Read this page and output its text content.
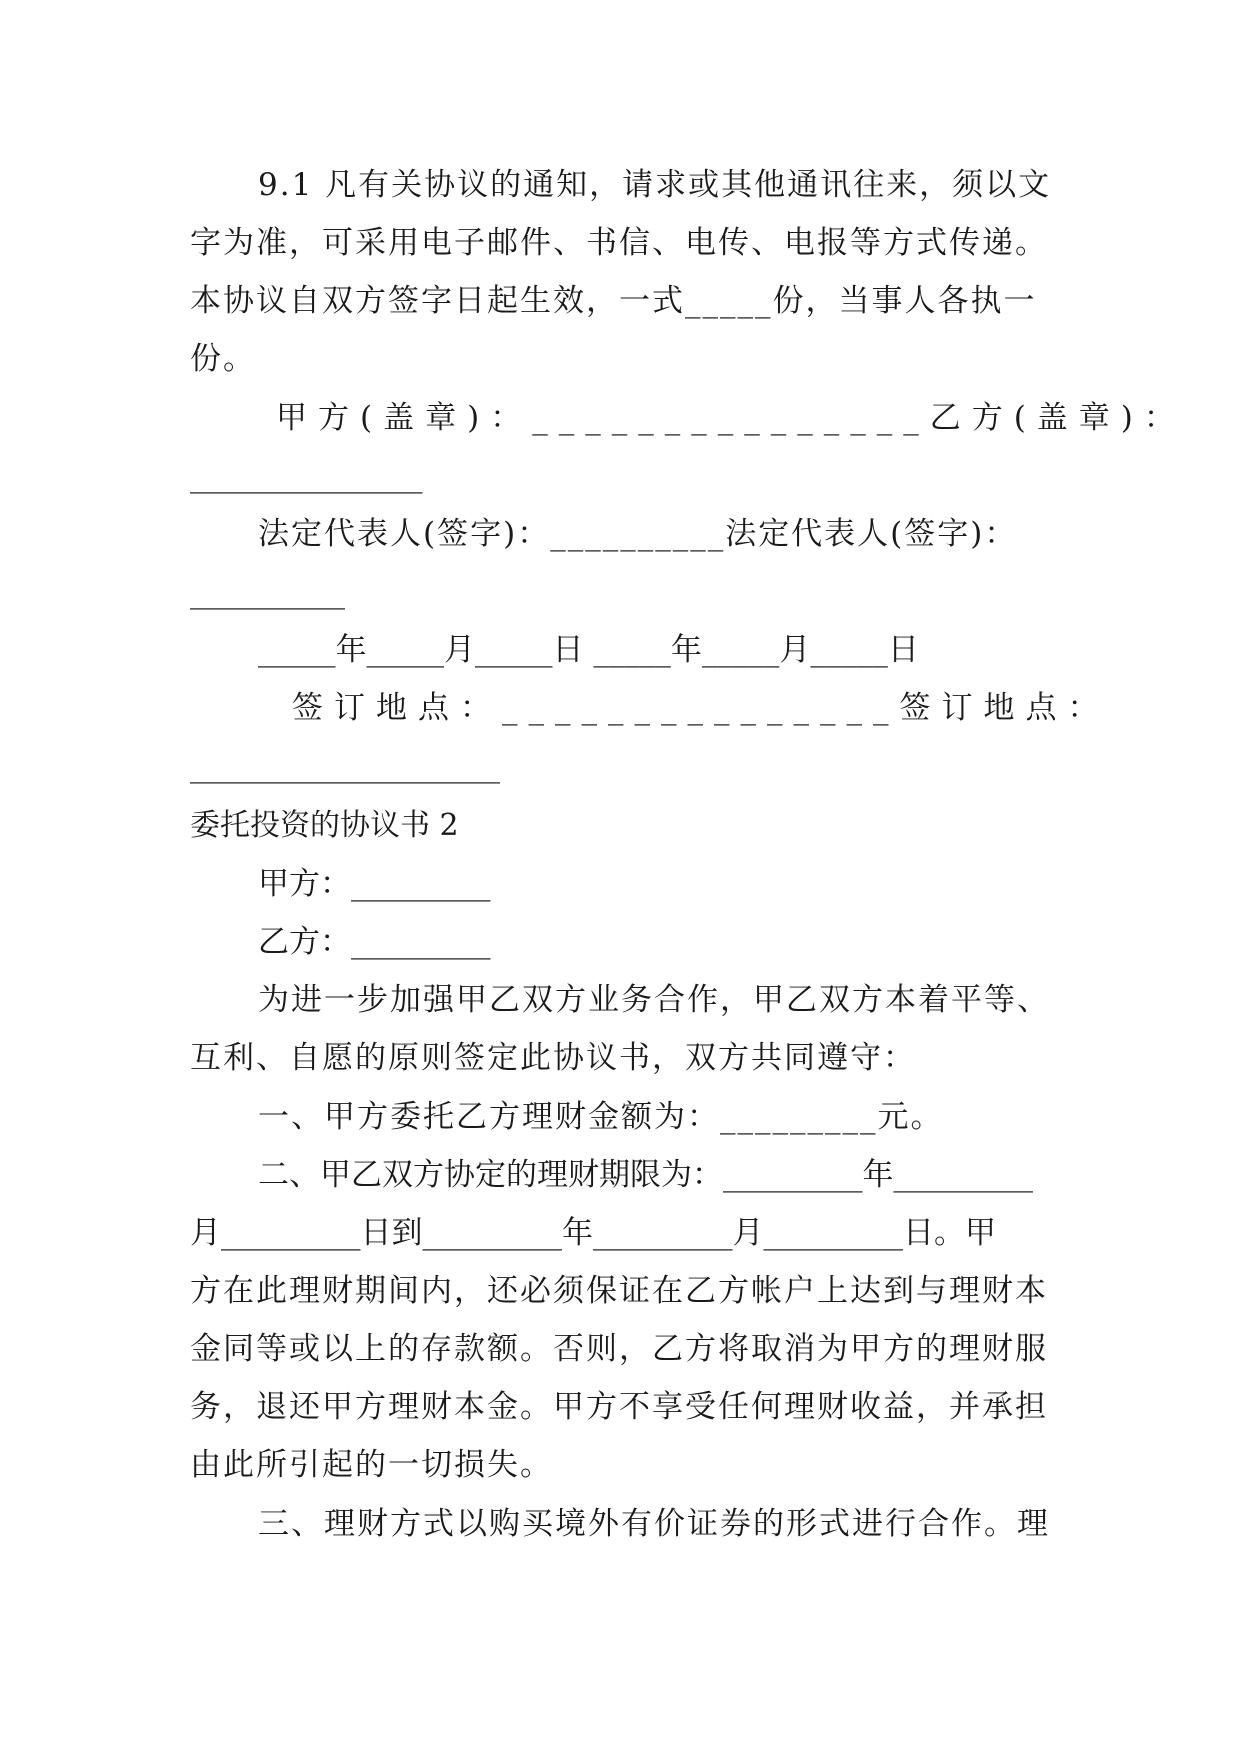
9.1 凡有关协议的通知，请求或其他通讯往来，须以文
字为准，可采用电子邮件、书信、电传、电报等方式传递。
本协议自双方签字日起生效，一式_____份，当事人各执一
份。
甲方(盖章)：_______________乙方(盖章)：
_______________
法定代表人(签字)：__________法定代表人(签字)：
__________
_____年_____月_____日 _____年_____月_____日
签订地点：_______________签订地点：
____________________
委托投资的协议书 2
甲方：_________
乙方：_________
为进一步加强甲乙双方业务合作，甲乙双方本着平等、
互利、自愿的原则签定此协议书，双方共同遵守：
一、甲方委托乙方理财金额为：_________元。
二、甲乙双方协定的理财期限为：_________年_________
月_________日到_________年_________月_________日。甲
方在此理财期间内，还必须保证在乙方帐户上达到与理财本
金同等或以上的存款额。否则，乙方将取消为甲方的理财服
务，退还甲方理财本金。甲方不享受任何理财收益，并承担
由此所引起的一切损失。
三、理财方式以购买境外有价证券的形式进行合作。理
